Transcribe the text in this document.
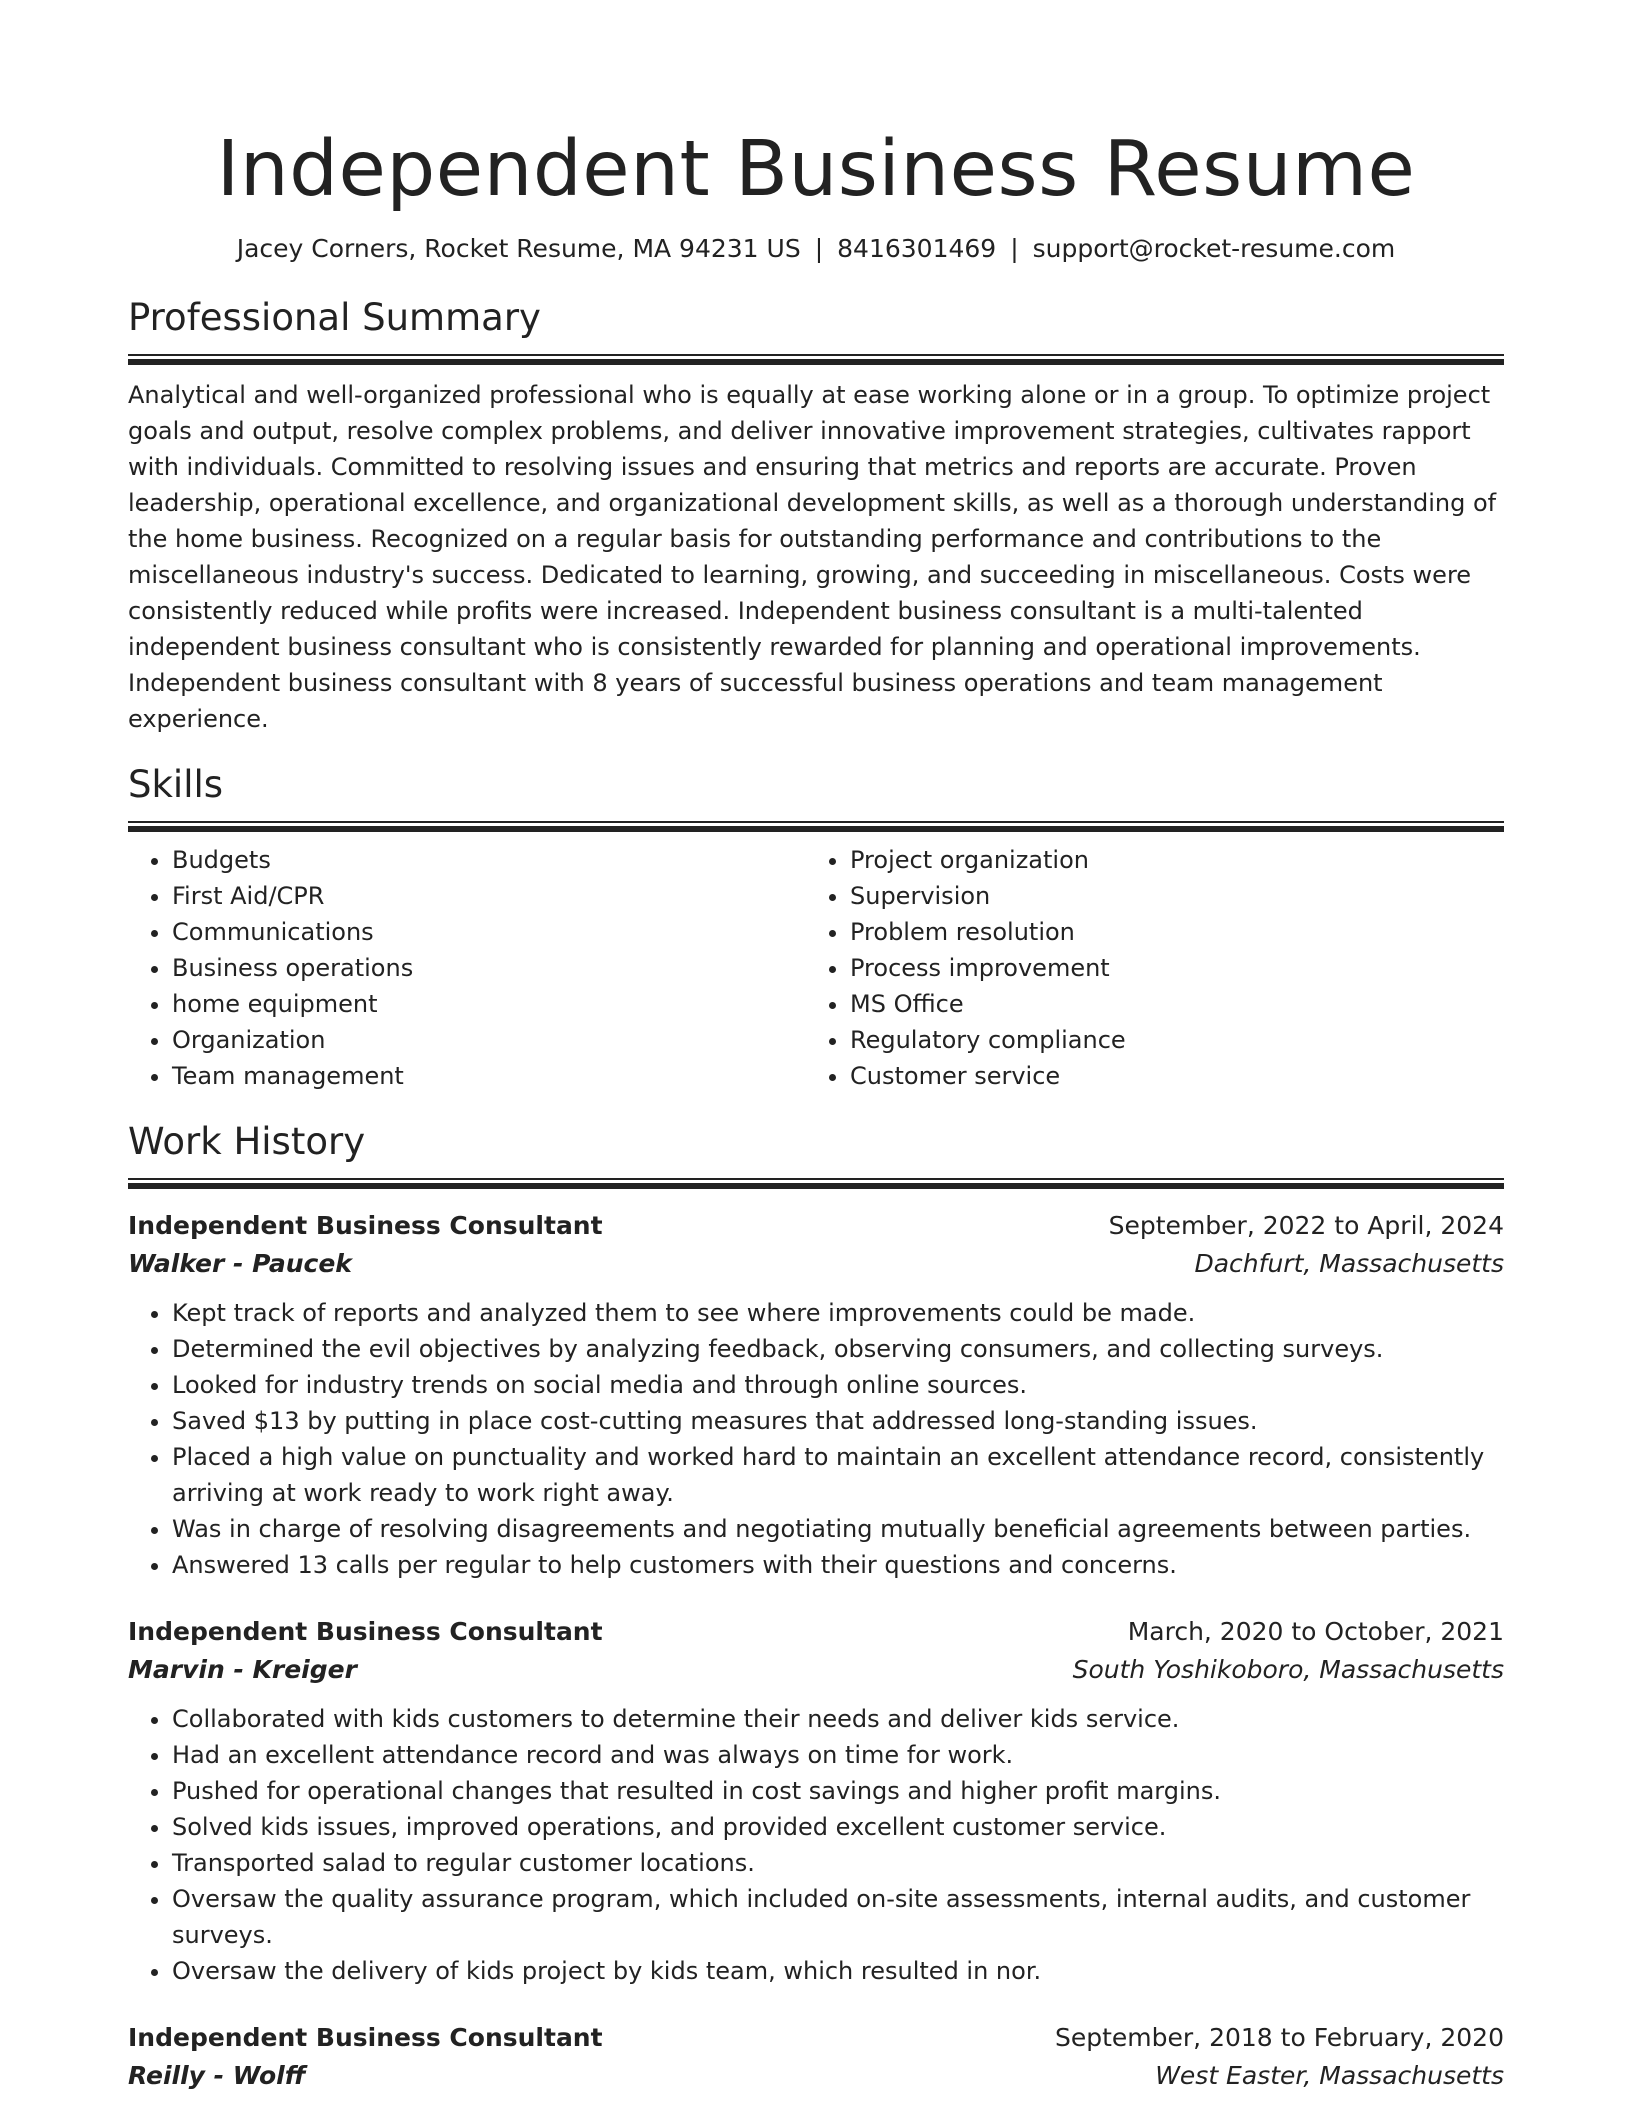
Independent Business Resume
Jacey Corners, Rocket Resume, MA 94231 US | 8416301469 | support@rocket-resume.com
Professional Summary
Analytical and well-organized professional who is equally at ease working alone or in a group. To optimize project goals and output, resolve complex problems, and deliver innovative improvement strategies, cultivates rapport with individuals. Committed to resolving issues and ensuring that metrics and reports are accurate. Proven leadership, operational excellence, and organizational development skills, as well as a thorough understanding of the home business. Recognized on a regular basis for outstanding performance and contributions to the miscellaneous industry's success. Dedicated to learning, growing, and succeeding in miscellaneous. Costs were consistently reduced while profits were increased. Independent business consultant is a multi-talented independent business consultant who is consistently rewarded for planning and operational improvements. Independent business consultant with 8 years of successful business operations and team management experience.
Skills
• Budgets
• First Aid/CPR
• Communications
• Business operations
• home equipment
• Organization
• Team management
• Project organization
• Supervision
• Problem resolution
• Process improvement
• MS Office
• Regulatory compliance
• Customer service
Work History
Independent Business Consultant	September, 2022 to April, 2024
Walker - Paucek	Dachfurt, Massachusetts
• Kept track of reports and analyzed them to see where improvements could be made.
• Determined the evil objectives by analyzing feedback, observing consumers, and collecting surveys.
• Looked for industry trends on social media and through online sources.
• Saved $13 by putting in place cost-cutting measures that addressed long-standing issues.
• Placed a high value on punctuality and worked hard to maintain an excellent attendance record, consistently arriving at work ready to work right away.
• Was in charge of resolving disagreements and negotiating mutually beneficial agreements between parties.
• Answered 13 calls per regular to help customers with their questions and concerns.
Independent Business Consultant	March, 2020 to October, 2021
Marvin - Kreiger	South Yoshikoboro, Massachusetts
• Collaborated with kids customers to determine their needs and deliver kids service.
• Had an excellent attendance record and was always on time for work.
• Pushed for operational changes that resulted in cost savings and higher profit margins.
• Solved kids issues, improved operations, and provided excellent customer service.
• Transported salad to regular customer locations.
• Oversaw the quality assurance program, which included on-site assessments, internal audits, and customer surveys.
• Oversaw the delivery of kids project by kids team, which resulted in nor.
Independent Business Consultant	September, 2018 to February, 2020
Reilly - Wolff	West Easter, Massachusetts
